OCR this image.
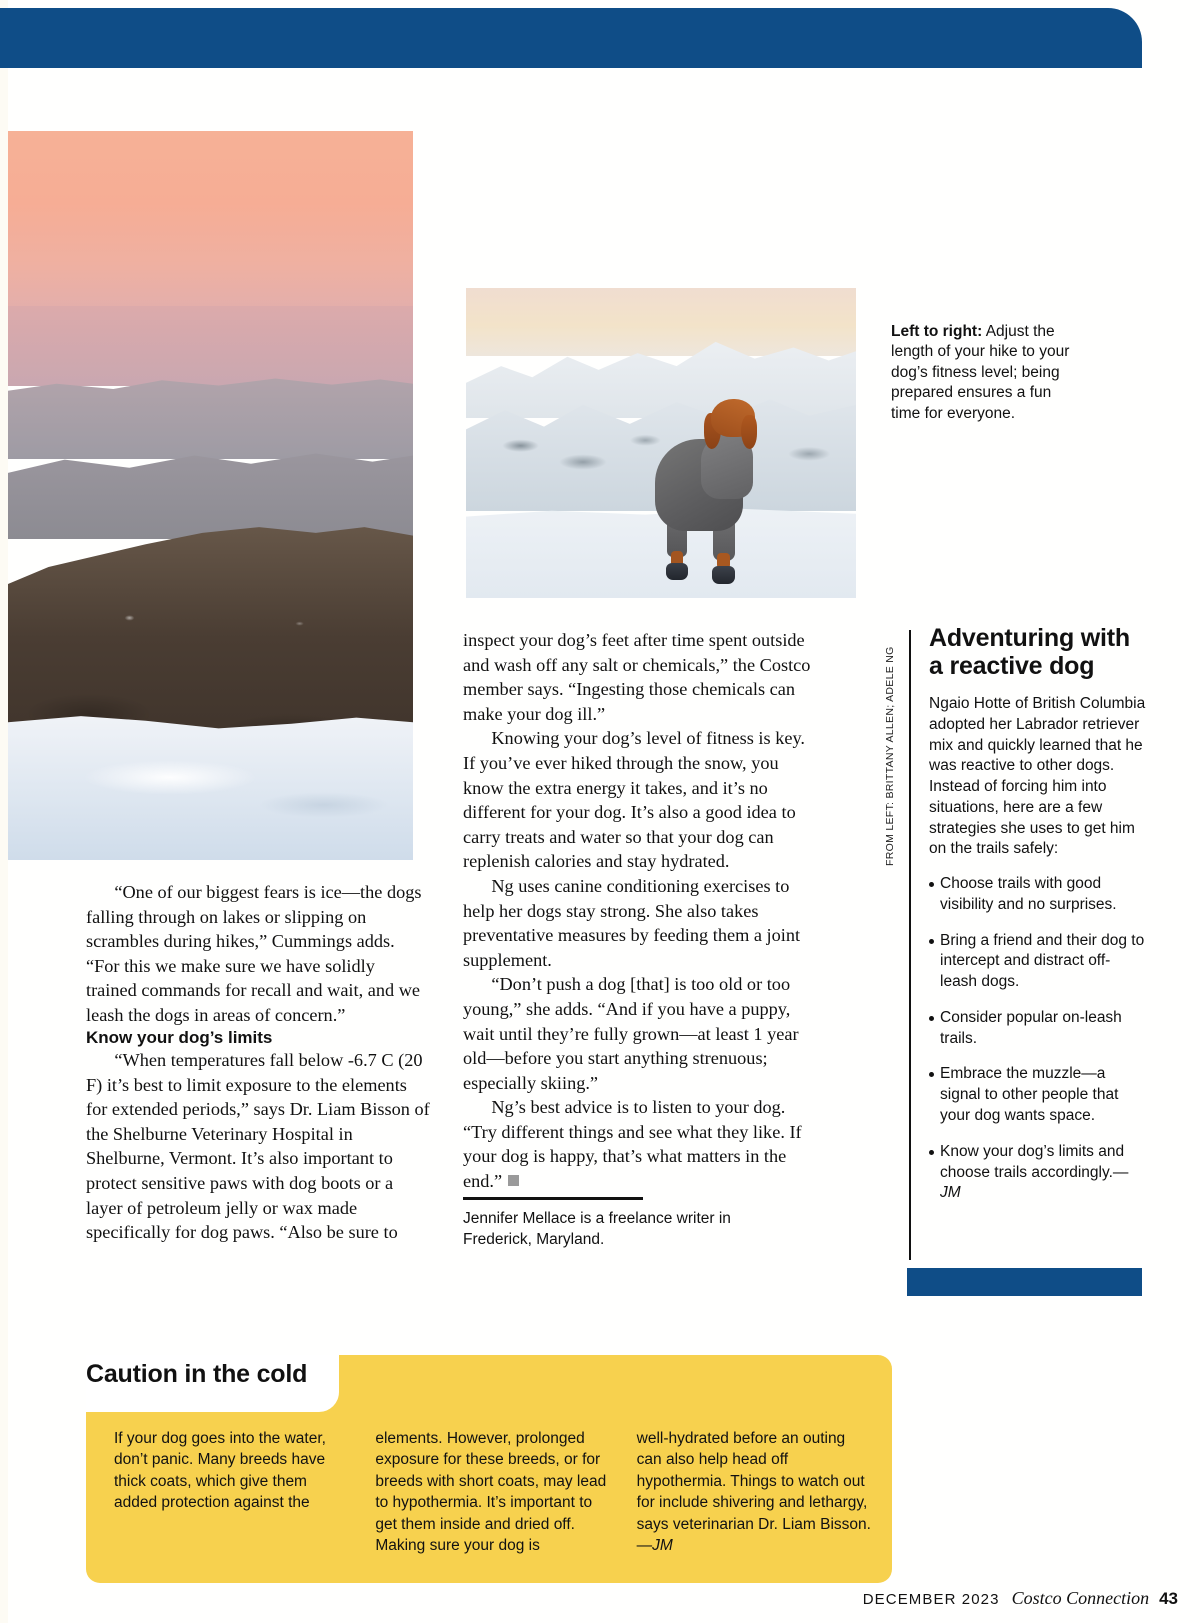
Left to right: Adjust the length of your hike to your dog’s fitness level; being prepared ensures a fun time for everyone.

“One of our biggest fears is ice—the dogs falling through on lakes or slipping on scrambles during hikes,” Cummings adds. “For this we make sure we have solidly trained commands for recall and wait, and we leash the dogs in areas of concern.”

Know your dog’s limits

“When temperatures fall below -6.7 C (20 F) it’s best to limit exposure to the elements for extended periods,” says Dr. Liam Bisson of the Shelburne Veterinary Hospital in Shelburne, Vermont. It’s also important to protect sensitive paws with dog boots or a layer of petroleum jelly or wax made specifically for dog paws. “Also be sure to

inspect your dog’s feet after time spent outside and wash off any salt or chemicals,” the Costco member says. “Ingesting those chemicals can make your dog ill.”

Knowing your dog’s level of fitness is key. If you’ve ever hiked through the snow, you know the extra energy it takes, and it’s no different for your dog. It’s also a good idea to carry treats and water so that your dog can replenish calories and stay hydrated.

Ng uses canine conditioning exercises to help her dogs stay strong. She also takes preventative measures by feeding them a joint supplement.

“Don’t push a dog [that] is too old or too young,” she adds. “And if you have a puppy, wait until they’re fully grown—at least 1 year old—before you start anything strenuous; especially skiing.”

Ng’s best advice is to listen to your dog. “Try different things and see what they like. If your dog is happy, that’s what matters in the end.”

Jennifer Mellace is a freelance writer in Frederick, Maryland.
FROM LEFT: BRITTANY ALLEN; ADELE NG
Adventuring with a reactive dog

Ngaio Hotte of British Columbia adopted her Labrador retriever mix and quickly learned that he was reactive to other dogs. Instead of forcing him into situations, here are a few strategies she uses to get him on the trails safely:

Choose trails with good visibility and no surprises.
Bring a friend and their dog to intercept and distract off-leash dogs.
Consider popular on-leash trails.
Embrace the muzzle—a signal to other people that your dog wants space.
Know your dog’s limits and choose trails accordingly.—JM
Caution in the cold
If your dog goes into the water, don’t panic. Many breeds have thick coats, which give them added protection against the
elements. However, prolonged exposure for these breeds, or for breeds with short coats, may lead to hypothermia. It’s important to get them inside and dried off. Making sure your dog is
well-hydrated before an outing can also help head off hypothermia. Things to watch out for include shivering and lethargy, says veterinarian Dr. Liam Bisson.—JM
DECEMBER 2023 Costco Connection 43
